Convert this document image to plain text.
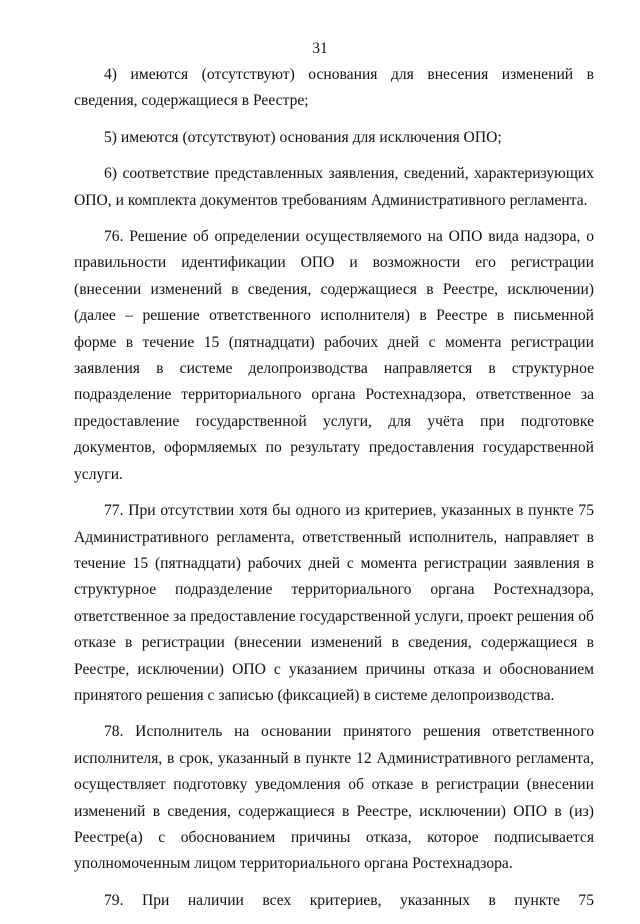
31

4) имеются (отсутствуют) основания для внесения изменений в сведения, содержащиеся в Реестре;

5) имеются (отсутствуют) основания для исключения ОПО;

6) соответствие представленных заявления, сведений, характеризующих ОПО, и комплекта документов требованиям Административного регламента.

76. Решение об определении осуществляемого на ОПО вида надзора, о правильности идентификации ОПО и возможности его регистрации (внесении изменений в сведения, содержащиеся в Реестре, исключении) (далее – решение ответственного исполнителя) в Реестре в письменной форме в течение 15 (пятнадцати) рабочих дней с момента регистрации заявления в системе делопроизводства направляется в структурное подразделение территориального органа Ростехнадзора, ответственное за предоставление государственной услуги, для учёта при подготовке документов, оформляемых по результату предоставления государственной услуги.

77. При отсутствии хотя бы одного из критериев, указанных в пункте 75 Административного регламента, ответственный исполнитель, направляет в течение 15 (пятнадцати) рабочих дней с момента регистрации заявления в структурное подразделение территориального органа Ростехнадзора, ответственное за предоставление государственной услуги, проект решения об отказе в регистрации (внесении изменений в сведения, содержащиеся в Реестре, исключении) ОПО с указанием причины отказа и обоснованием принятого решения с записью (фиксацией) в системе делопроизводства.

78. Исполнитель на основании принятого решения ответственного исполнителя, в срок, указанный в пункте 12 Административного регламента, осуществляет подготовку уведомления об отказе в регистрации (внесении изменений в сведения, содержащиеся в Реестре, исключении) ОПО в (из) Реестре(а) с обоснованием причины отказа, которое подписывается уполномоченным лицом территориального органа Ростехнадзора.

79. При наличии всех критериев, указанных в пункте 75
